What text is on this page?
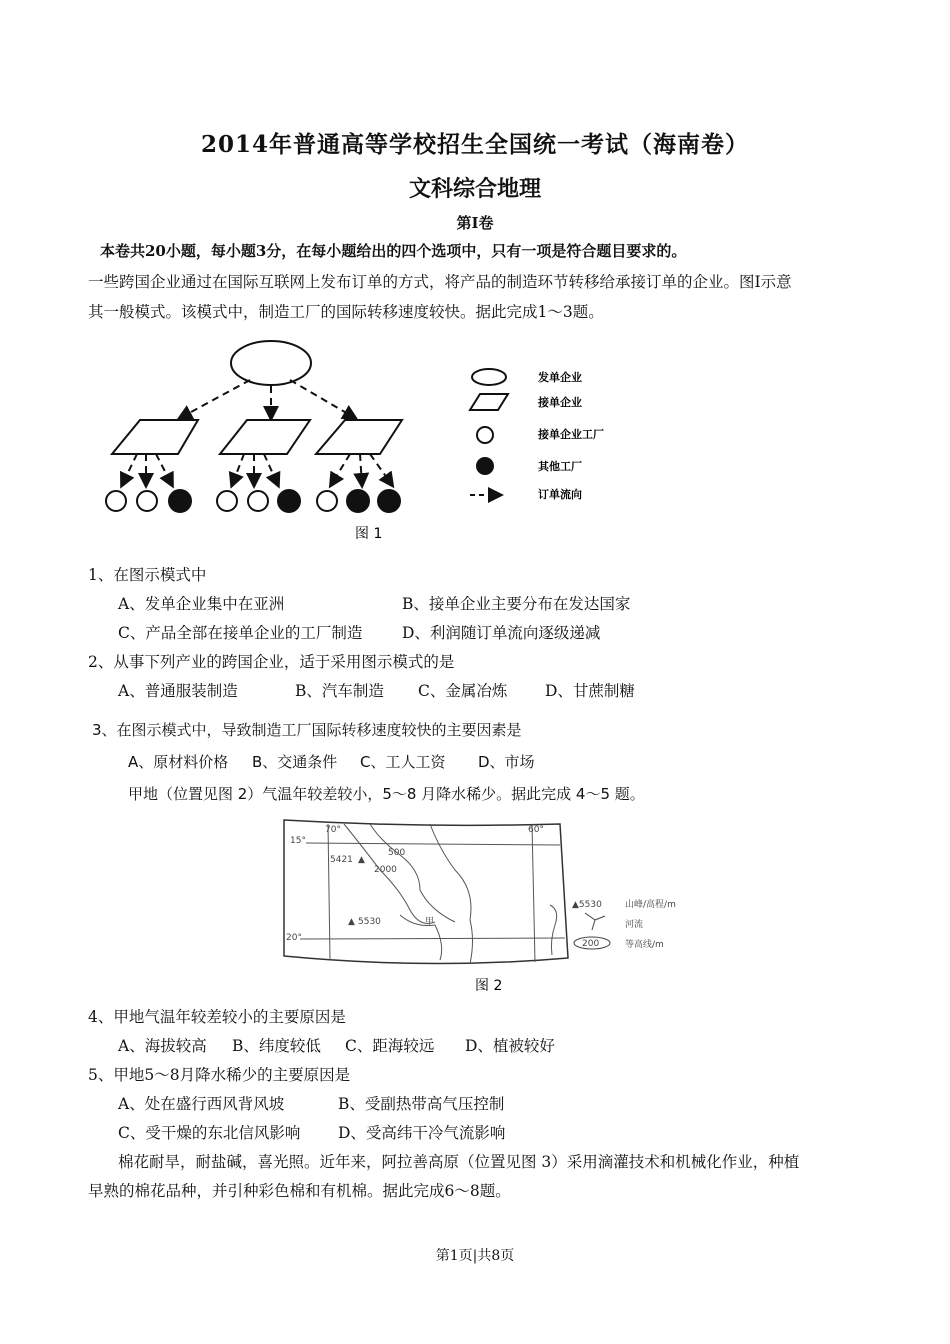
2014年普通高等学校招生全国统一考试（海南卷）
文科综合地理
第Ⅰ卷
本卷共20小题，每小题3分，在每小题给出的四个选项中，只有一项是符合题目要求的。
一些跨国企业通过在国际互联网上发布订单的方式，将产品的制造环节转移给承接订单的企业。图Ⅰ示意
其一般模式。该模式中，制造工厂的国际转移速度较快。据此完成1～3题。
图 1
发单企业
接单企业
接单企业工厂
其他工厂
订单流向
1、在图示模式中
A、发单企业集中在亚洲	B、接单企业主要分布在发达国家
C、产品全部在接单企业的工厂制造	D、利润随订单流向逐级递减
2、从事下列产业的跨国企业，适于采用图示模式的是
A、普通服装制造	B、汽车制造 C、金属冶炼 D、甘蔗制糖
3、在图示模式中，导致制造工厂国际转移速度较快的主要因素是
A、原材料价格 B、交通条件 C、工人工资 D、市场
甲地（位置见图 2）气温年较差较小，5～8 月降水稀少。据此完成 4～5 题。
15°
20°
70°	60°
5421 ▲
▲ 5530
500
2000
甲
▲5530	山峰/高程/m
河流
200	等高线/m
图 2
4、甲地气温年较差较小的主要原因是
A、海拔较高 B、纬度较低 C、距海较远 D、植被较好
5、甲地5～8月降水稀少的主要原因是
A、处在盛行西风背风坡	B、受副热带高气压控制
C、受干燥的东北信风影响 D、受高纬干冷气流影响
棉花耐旱，耐盐碱，喜光照。近年来，阿拉善高原（位置见图 3）采用滴灌技术和机械化作业，种植
早熟的棉花品种，并引种彩色棉和有机棉。据此完成6～8题。
第1页|共8页
